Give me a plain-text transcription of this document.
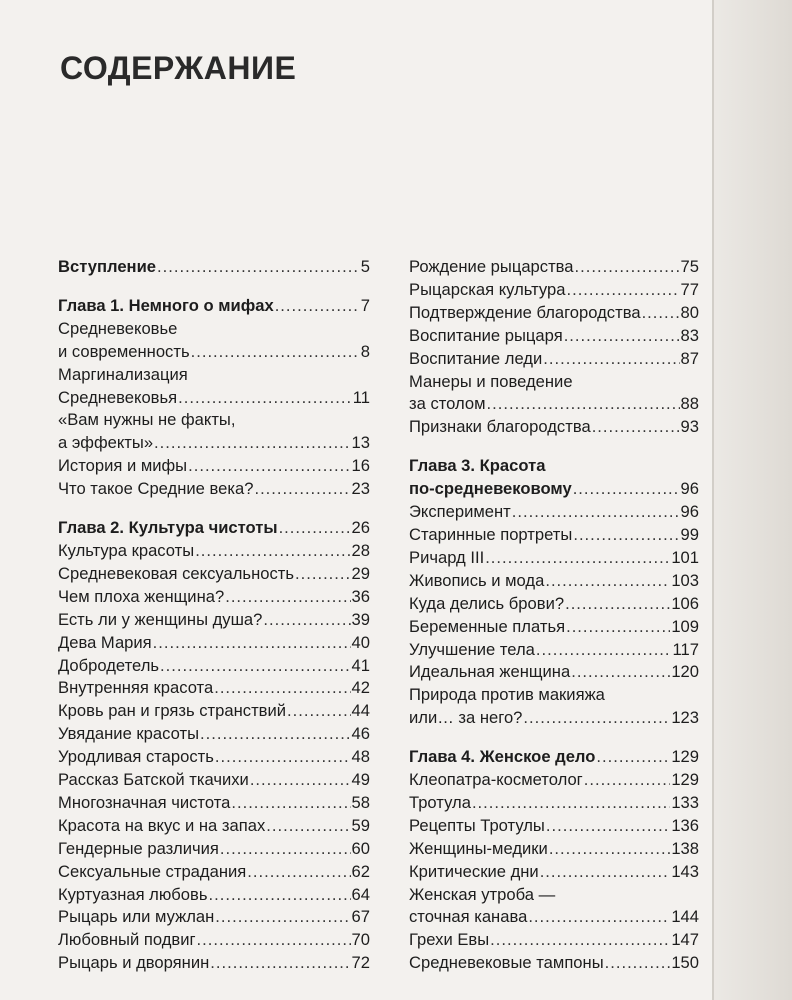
СОДЕРЖАНИЕ
Вступление .....	5
Глава 1. Немного о мифах .....	7
Средневековье
и современность .....	8
Маргинализация
Средневековья .....	11
«Вам нужны не факты,
а эффекты» .....	13
История и мифы .....	16
Что такое Средние века? .....	23
Глава 2. Культура чистоты .....	26
Культура красоты .....	28
Средневековая сексуальность .....	29
Чем плоха женщина? .....	36
Есть ли у женщины душа? .....	39
Дева Мария .....	40
Добродетель .....	41
Внутренняя красота .....	42
Кровь ран и грязь странствий .....	44
Увядание красоты .....	46
Уродливая старость .....	48
Рассказ Батской ткачихи .....	49
Многозначная чистота .....	58
Красота на вкус и на запах .....	59
Гендерные различия .....	60
Сексуальные страдания .....	62
Куртуазная любовь .....	64
Рыцарь или мужлан .....	67
Любовный подвиг .....	70
Рыцарь и дворянин .....	72
Рождение рыцарства .....	75
Рыцарская культура .....	77
Подтверждение благородства ..... 80
Воспитание рыцаря .....	83
Воспитание леди .....	87
Манеры и поведение
за столом .....	88
Признаки благородства .....	93
Глава 3. Красота
по-средневековому .....	96
Эксперимент .....	96
Старинные портреты .....	99
Ричард III .....	101
Живопись и мода .....	103
Куда делись брови? .....	106
Беременные платья .....	109
Улучшение тела .....	117
Идеальная женщина .....	120
Природа против макияжа
или… за него? .....	123
Глава 4. Женское дело .....	129
Клеопатра-косметолог .....	129
Тротула .....	133
Рецепты Тротулы .....	136
Женщины-медики .....	138
Критические дни .....	143
Женская утроба —
сточная канава .....	144
Грехи Евы .....	147
Средневековые тампоны .....	150
